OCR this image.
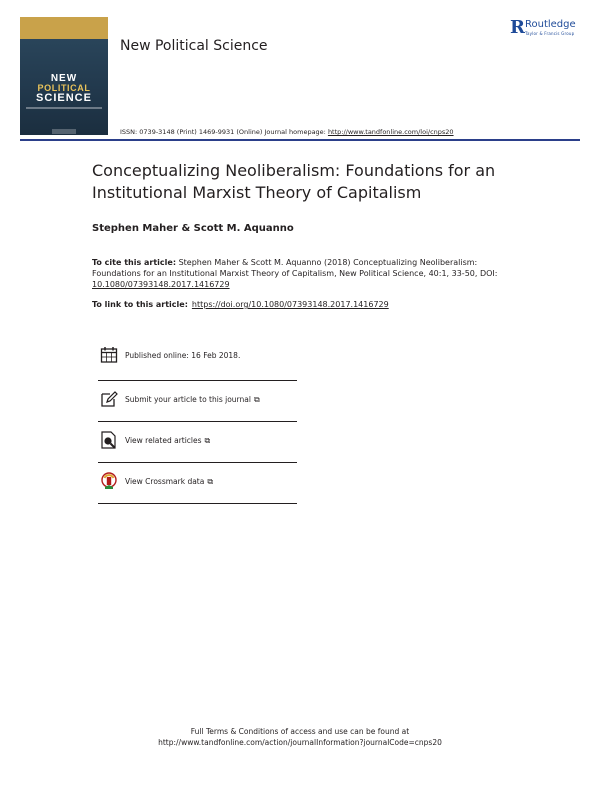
NEW
POLITICAL
SCIENCE
New Political Science
R Routledge
Taylor & Francis Group
ISSN: 0739-3148 (Print) 1469-9931 (Online) Journal homepage: http://www.tandfonline.com/loi/cnps20
Conceptualizing Neoliberalism: Foundations for an Institutional Marxist Theory of Capitalism
Stephen Maher & Scott M. Aquanno
To cite this article: Stephen Maher & Scott M. Aquanno (2018) Conceptualizing Neoliberalism: Foundations for an Institutional Marxist Theory of Capitalism, New Political Science, 40:1, 33-50, DOI: 10.1080/07393148.2017.1416729
To link to this article: https://doi.org/10.1080/07393148.2017.1416729
Published online: 16 Feb 2018.
Submit your article to this journal ⧉
View related articles ⧉
View Crossmark data ⧉
Full Terms & Conditions of access and use can be found at
http://www.tandfonline.com/action/journalInformation?journalCode=cnps20
